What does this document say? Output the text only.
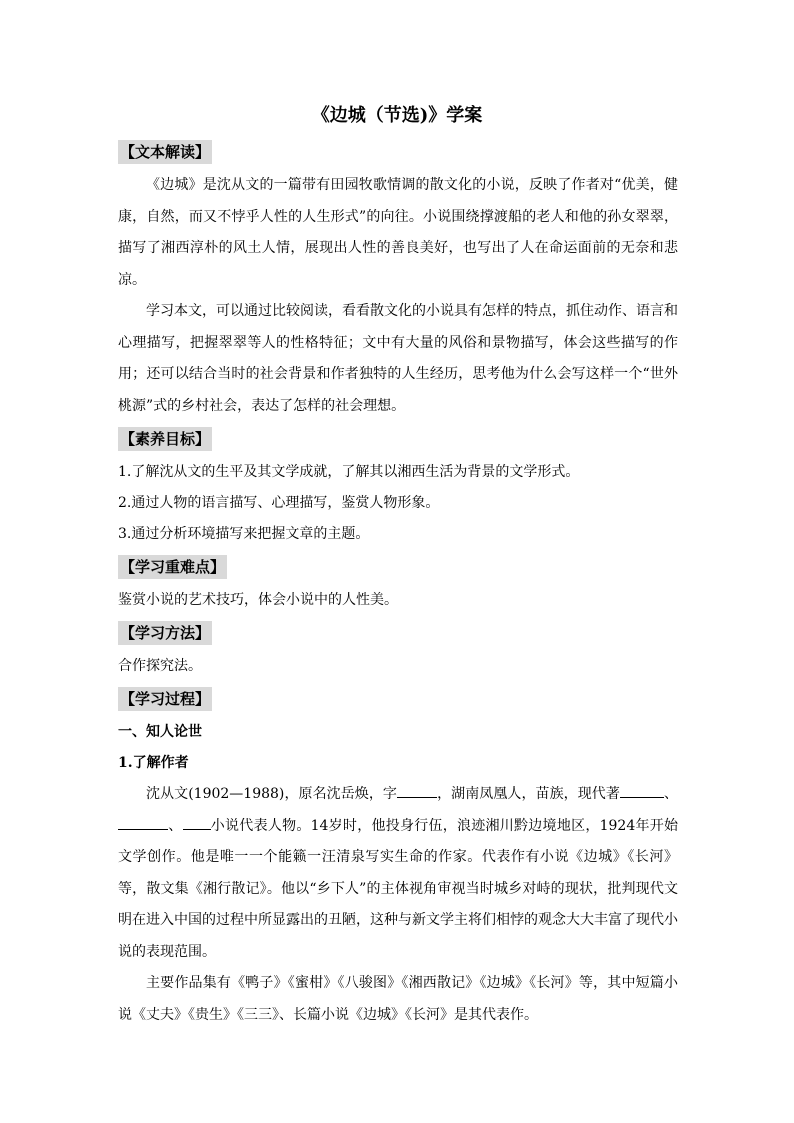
《边城（节选)》学案
【文本解读】

《边城》是沈从文的一篇带有田园牧歌情调的散文化的小说，反映了作者对“优美，健康，自然，而又不悖乎人性的人生形式”的向往。小说围绕撑渡船的老人和他的孙女翠翠，描写了湘西淳朴的风土人情，展现出人性的善良美好，也写出了人在命运面前的无奈和悲凉。

学习本文，可以通过比较阅读，看看散文化的小说具有怎样的特点，抓住动作、语言和心理描写，把握翠翠等人的性格特征；文中有大量的风俗和景物描写，体会这些描写的作用；还可以结合当时的社会背景和作者独特的人生经历，思考他为什么会写这样一个“世外桃源”式的乡村社会，表达了怎样的社会理想。

【素养目标】

1.了解沈从文的生平及其文学成就，了解其以湘西生活为背景的文学形式。

2.通过人物的语言描写、心理描写，鉴赏人物形象。

3.通过分析环境描写来把握文章的主题。

【学习重难点】

鉴赏小说的艺术技巧，体会小说中的人性美。

【学习方法】

合作探究法。

【学习过程】

一、知人论世

1.了解作者

沈从文(1902—1988)，原名沈岳焕，字	，湖南凤凰人，苗族，现代著	、、 小说代表人物。14岁时，他投身行伍，浪迹湘川黔边境地区，1924年开始文学创作。他是唯一一个能籁一汪清泉写实生命的作家。代表作有小说《边城》《长河》等，散文集《湘行散记》。他以“乡下人”的主体视角审视当时城乡对峙的现状，批判现代文明在进入中国的过程中所显露出的丑陋，这种与新文学主将们相悖的观念大大丰富了现代小说的表现范围。

主要作品集有《鸭子》《蜜柑》《八骏图》《湘西散记》《边城》《长河》等，其中短篇小说《丈夫》《贵生》《三三》、长篇小说《边城》《长河》是其代表作。
